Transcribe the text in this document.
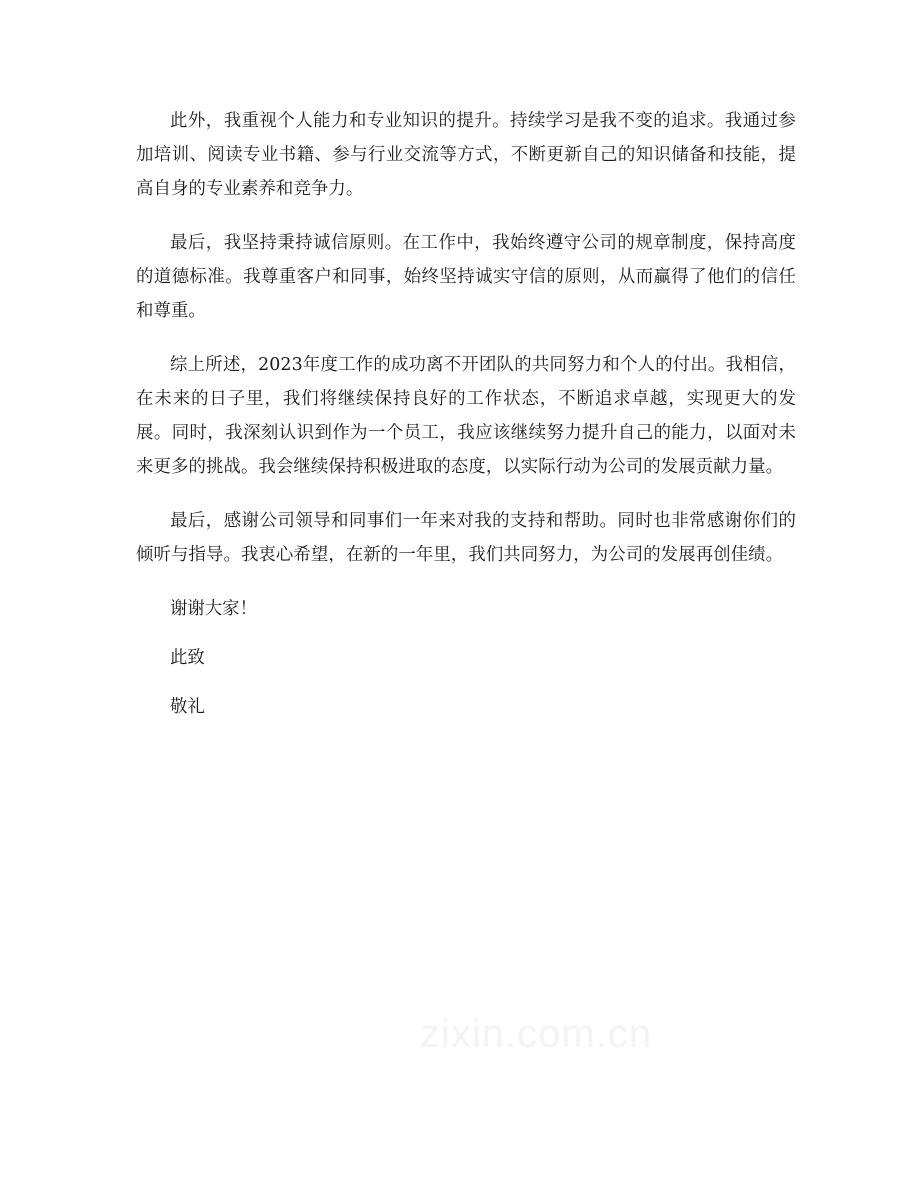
此外，我重视个人能力和专业知识的提升。持续学习是我不变的追求。我通过参加培训、阅读专业书籍、参与行业交流等方式，不断更新自己的知识储备和技能，提高自身的专业素养和竞争力。

最后，我坚持秉持诚信原则。在工作中，我始终遵守公司的规章制度，保持高度的道德标准。我尊重客户和同事，始终坚持诚实守信的原则，从而赢得了他们的信任和尊重。

综上所述，2023年度工作的成功离不开团队的共同努力和个人的付出。我相信，在未来的日子里，我们将继续保持良好的工作状态，不断追求卓越，实现更大的发展。同时，我深刻认识到作为一个员工，我应该继续努力提升自己的能力，以面对未来更多的挑战。我会继续保持积极进取的态度，以实际行动为公司的发展贡献力量。

最后，感谢公司领导和同事们一年来对我的支持和帮助。同时也非常感谢你们的倾听与指导。我衷心希望，在新的一年里，我们共同努力，为公司的发展再创佳绩。

谢谢大家！

此致

敬礼

zixin.com.cn
